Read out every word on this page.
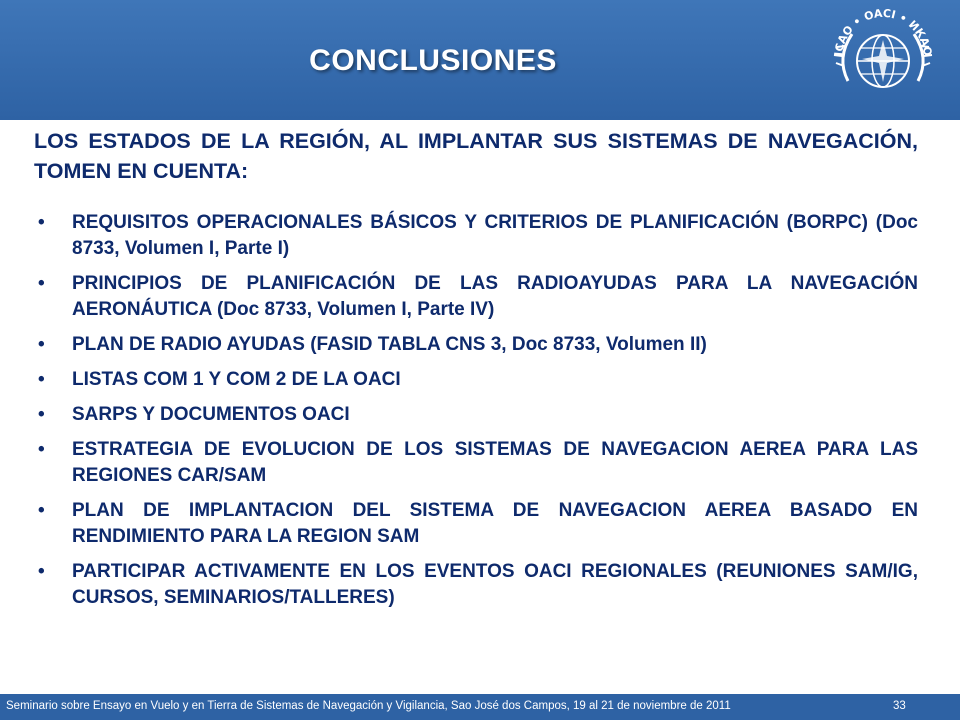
CONCLUSIONES	ICAO • OACI • ИКАО

LOS ESTADOS DE LA REGIÓN, AL IMPLANTAR SUS SISTEMAS DE NAVEGACIÓN, TOMEN EN CUENTA:

• REQUISITOS OPERACIONALES BÁSICOS Y CRITERIOS DE PLANIFICACIÓN (BORPC) (Doc 8733, Volumen I, Parte I)
• PRINCIPIOS DE PLANIFICACIÓN DE LAS RADIOAYUDAS PARA LA NAVEGACIÓN AERONÁUTICA (Doc 8733, Volumen I, Parte IV)
• PLAN DE RADIO AYUDAS (FASID TABLA CNS 3, Doc 8733, Volumen II)
• LISTAS COM 1 Y COM 2 DE LA OACI
• SARPS Y DOCUMENTOS OACI
• ESTRATEGIA DE EVOLUCION DE LOS SISTEMAS DE NAVEGACION AEREA PARA LAS REGIONES CAR/SAM
• PLAN DE IMPLANTACION DEL SISTEMA DE NAVEGACION AEREA BASADO EN RENDIMIENTO PARA LA REGION SAM
• PARTICIPAR ACTIVAMENTE EN LOS EVENTOS OACI REGIONALES (REUNIONES SAM/IG, CURSOS, SEMINARIOS/TALLERES)
Seminario sobre Ensayo en Vuelo y en Tierra de Sistemas de Navegación y Vigilancia, Sao José dos Campos, 19 al 21 de noviembre de 2011	33
